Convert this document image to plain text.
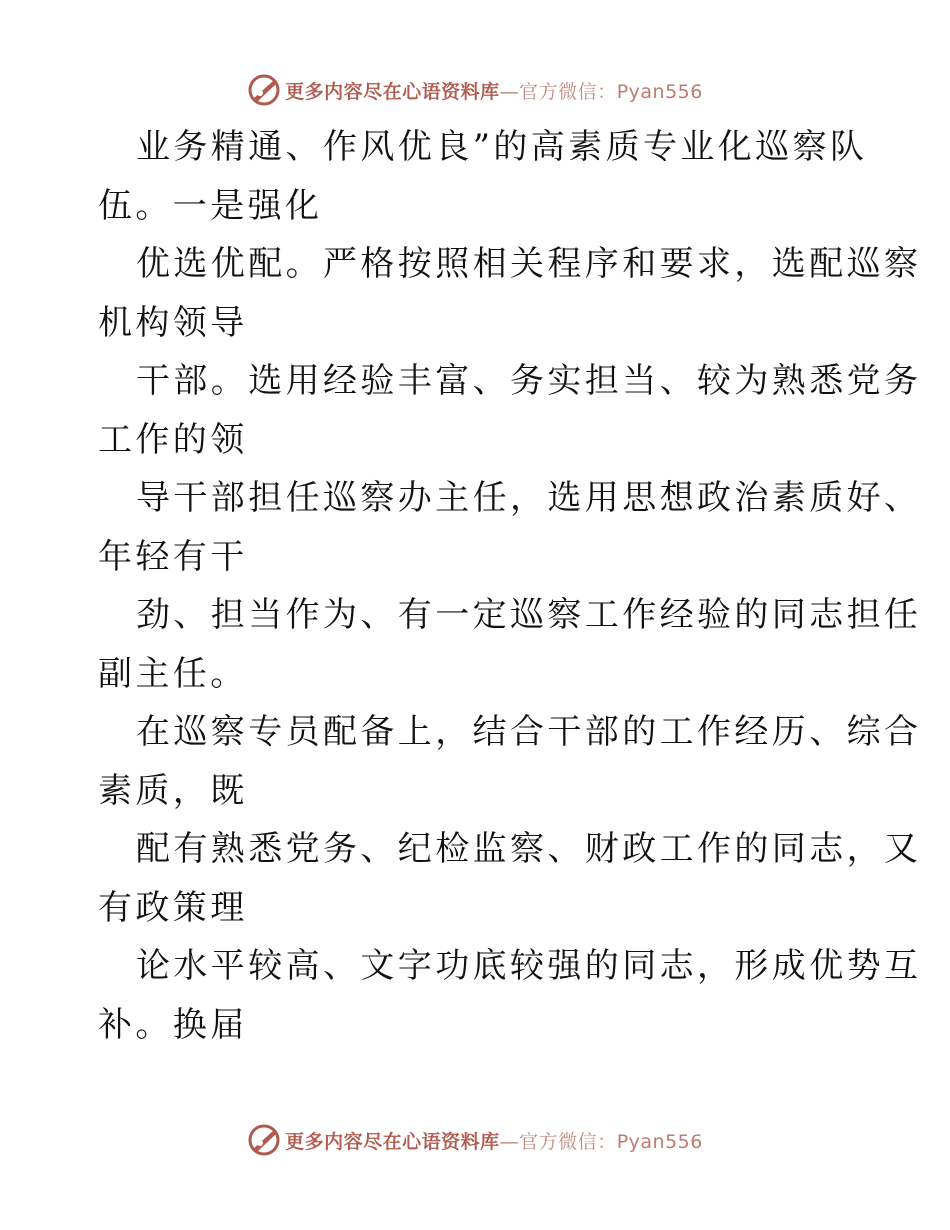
更多内容尽在心语资料库—官方微信：Pyan556
业务精通、作风优良”的高素质专业化巡察队
伍。一是强化
优选优配。严格按照相关程序和要求，选配巡察
机构领导
干部。选用经验丰富、务实担当、较为熟悉党务
工作的领
导干部担任巡察办主任，选用思想政治素质好、
年轻有干
劲、担当作为、有一定巡察工作经验的同志担任
副主任。
在巡察专员配备上，结合干部的工作经历、综合
素质，既
配有熟悉党务、纪检监察、财政工作的同志，又
有政策理
论水平较高、文字功底较强的同志，形成优势互
补。换届
更多内容尽在心语资料库—官方微信：Pyan556
